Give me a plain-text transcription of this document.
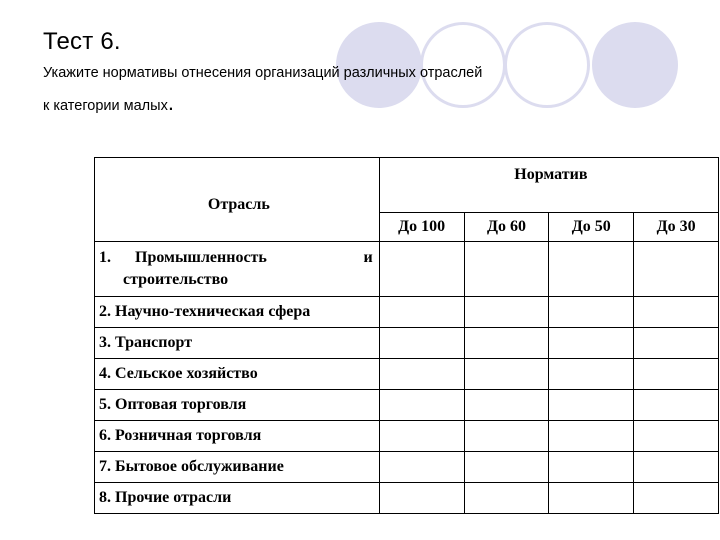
Тест 6.
Укажите нормативы отнесения организаций различных отраслей
к категории малых.
Отрасль	Норматив			
	До 100	До 60	До 50	До 30

1. Промышленность и
строительство				

2. Научно-техническая сфера				
3. Транспорт				
4. Сельское хозяйство				
5. Оптовая торговля				
6. Розничная торговля				
7. Бытовое обслуживание				
8. Прочие отрасли				
